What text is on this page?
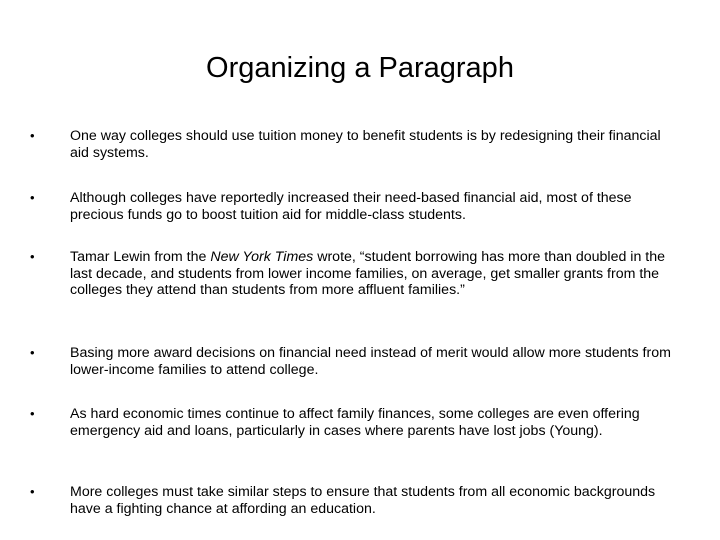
Organizing a Paragraph
•	One way colleges should use tuition money to benefit students is by redesigning their financial aid systems.
•	Although colleges have reportedly increased their need-based financial aid, most of these precious funds go to boost tuition aid for middle-class students.
•	Tamar Lewin from the New York Times wrote, “student borrowing has more than doubled in the last decade, and students from lower income families, on average, get smaller grants from the colleges they attend than students from more affluent families.”
•	Basing more award decisions on financial need instead of merit would allow more students from lower-income families to attend college.
•	As hard economic times continue to affect family finances, some colleges are even offering emergency aid and loans, particularly in cases where parents have lost jobs (Young).
•	More colleges must take similar steps to ensure that students from all economic backgrounds have a fighting chance at affording an education.
